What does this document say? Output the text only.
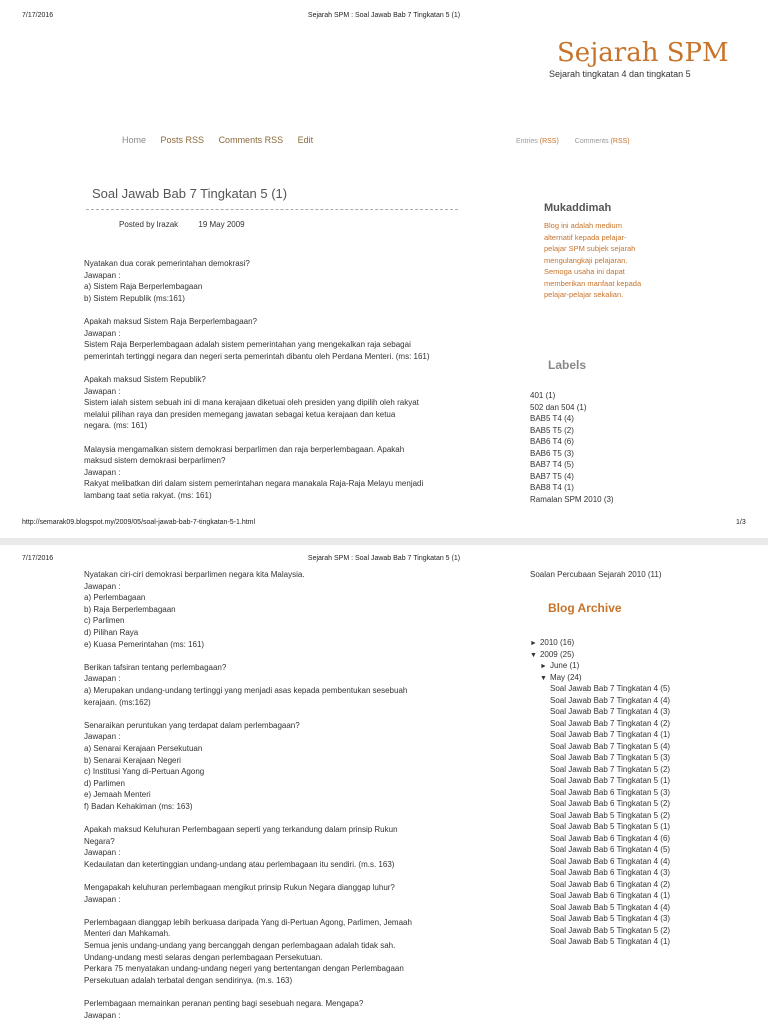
7/17/2016	Sejarah SPM : Soal Jawab Bab 7 Tingkatan 5 (1)
Sejarah SPM
Sejarah tingkatan 4 dan tingkatan 5
Home Posts RSS Comments RSS Edit	Entries (RSS) Comments (RSS)
Soal Jawab Bab 7 Tingkatan 5 (1)
Posted by lrazak	19 May 2009
Nyatakan dua corak pemerintahan demokrasi?
Jawapan :
a) Sistem Raja Berperlembagaan
b) Sistem Republik (ms:161)
Apakah maksud Sistem Raja Berperlembagaan?
Jawapan :
Sistem Raja Berperlembagaan adalah sistem pemerintahan yang mengekalkan raja sebagai
pemerintah tertinggi negara dan negeri serta pemerintah dibantu oleh Perdana Menteri. (ms: 161)
Apakah maksud Sistem Republik?
Jawapan :
Sistem ialah sistem sebuah ini di mana kerajaan diketuai oleh presiden yang dipilih oleh rakyat
melalui pilihan raya dan presiden memegang jawatan sebagai ketua kerajaan dan ketua
negara. (ms: 161)
Malaysia mengamalkan sistem demokrasi berparlimen dan raja berperlembagaan. Apakah
maksud sistem demokrasi berparlimen?
Jawapan :
Rakyat melibatkan diri dalam sistem pemerintahan negara manakala Raja-Raja Melayu menjadi
lambang taat setia rakyat. (ms: 161)
Mukaddimah
Blog ini adalah medium
alternatif kepada pelajar-
pelajar SPM subjek sejarah
mengulangkaji pelajaran.
Semoga usaha ini dapat
memberikan manfaat kepada
pelajar-pelajar sekalian.
Labels
401 (1)
502 dan 504 (1)
BAB5 T4 (4)
BAB5 T5 (2)
BAB6 T4 (6)
BAB6 T5 (3)
BAB7 T4 (5)
BAB7 T5 (4)
BAB8 T4 (1)
Ramalan SPM 2010 (3)
http://semarak09.blogspot.my/2009/05/soal-jawab-bab-7-tingkatan-5-1.html	1/3
7/17/2016	Sejarah SPM : Soal Jawab Bab 7 Tingkatan 5 (1)
Nyatakan ciri-ciri demokrasi berparlimen negara kita Malaysia.
Jawapan :
a) Perlembagaan
b) Raja Berperlembagaan
c) Parlimen
d) Pilihan Raya
e) Kuasa Pemerintahan (ms: 161)
Berikan tafsiran tentang perlembagaan?
Jawapan :
a) Merupakan undang-undang tertinggi yang menjadi asas kepada pembentukan sesebuah
kerajaan. (ms:162)
Senaraikan peruntukan yang terdapat dalam perlembagaan?
Jawapan :
a) Senarai Kerajaan Persekutuan
b) Senarai Kerajaan Negeri
c) Institusi Yang di-Pertuan Agong
d) Parlimen
e) Jemaah Menteri
f) Badan Kehakiman (ms: 163)
Apakah maksud Keluhuran Perlembagaan seperti yang terkandung dalam prinsip Rukun
Negara?
Jawapan :
Kedaulatan dan ketertinggian undang-undang atau perlembagaan itu sendiri. (m.s. 163)
Mengapakah keluhuran perlembagaan mengikut prinsip Rukun Negara dianggap luhur?
Jawapan :
Perlembagaan dianggap lebih berkuasa daripada Yang di-Pertuan Agong, Parlimen, Jemaah
Menteri dan Mahkamah.
Semua jenis undang-undang yang bercanggah dengan perlembagaan adalah tidak sah.
Undang-undang mesti selaras dengan perlembagaan Persekutuan.
Perkara 75 menyatakan undang-undang negeri yang bertentangan dengan Perlembagaan
Persekutuan adalah terbatal dengan sendirinya. (m.s. 163)
Perlembagaan memainkan peranan penting bagi sesebuah negara. Mengapa?
Jawapan :
Soalan Percubaan Sejarah 2010 (11)
Blog Archive
► 2010 (16)
▼ 2009 (25)
► June (1)
▼ May (24)
Soal Jawab Bab 7 Tingkatan 4 (5)
Soal Jawab Bab 7 Tingkatan 4 (4)
Soal Jawab Bab 7 Tingkatan 4 (3)
Soal Jawab Bab 7 Tingkatan 4 (2)
Soal Jawab Bab 7 Tingkatan 4 (1)
Soal Jawab Bab 7 Tingkatan 5 (4)
Soal Jawab Bab 7 Tingkatan 5 (3)
Soal Jawab Bab 7 Tingkatan 5 (2)
Soal Jawab Bab 7 Tingkatan 5 (1)
Soal Jawab Bab 6 Tingkatan 5 (3)
Soal Jawab Bab 6 Tingkatan 5 (2)
Soal Jawab Bab 5 Tingkatan 5 (2)
Soal Jawab Bab 5 Tingkatan 5 (1)
Soal Jawab Bab 6 Tingkatan 4 (6)
Soal Jawab Bab 6 Tingkatan 4 (5)
Soal Jawab Bab 6 Tingkatan 4 (4)
Soal Jawab Bab 6 Tingkatan 4 (3)
Soal Jawab Bab 6 Tingkatan 4 (2)
Soal Jawab Bab 6 Tingkatan 4 (1)
Soal Jawab Bab 5 Tingkatan 4 (4)
Soal Jawab Bab 5 Tingkatan 4 (3)
Soal Jawab Bab 5 Tingkatan 5 (2)
Soal Jawab Bab 5 Tingkatan 4 (1)
